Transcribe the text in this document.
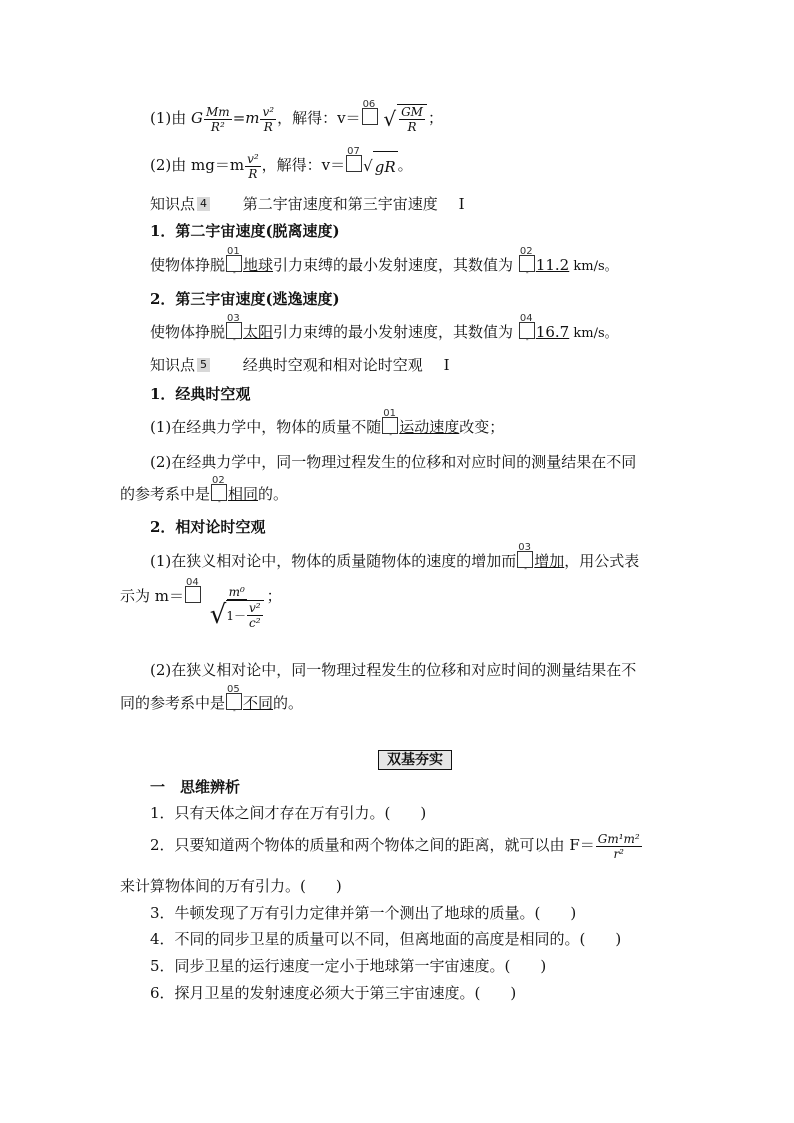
(1)由 G $\frac{Mm}{\text{R²}} =m \frac{\text{v²}}{R}$ ，解得：v＝
06

√ $\frac{GM}{R}$ ；
(2)由 $mg=m \frac{\text{v²}}{R}$ ，解得：v＝
07
√ gR 。
知识点 4 第二宇宙速度和第三宇宙速度 Ⅰ
1．第二宇宙速度(脱离速度)
使物体挣脱
01
‐ 地球引力束缚的最小发射速度，其数值为
02
‐ 11.2 km/s。
2．第三宇宙速度(逃逸速度)
使物体挣脱
03
‐ 太阳引力束缚的最小发射速度，其数值为
04
‐ 16.7 km/s。
知识点 5 经典时空观和相对论时空观 Ⅰ
1．经典时空观
(1)在经典力学中，物体的质量不随
01
‐ 运动速度改变；
(2)在经典力学中，同一物理过程发生的位移和对应时间的测量结果在不同
的参考系中是
02
‐ 相同的。
2．相对论时空观
(1)在狭义相对论中，物体的质量随物体的速度的增加而
03
‐ 增加，用公式表
示为 m＝
04

$\frac{\text{m⁰}}{√ 1- \frac{\text{v²}}{\text{c²}}}$ ；
(2)在狭义相对论中，同一物理过程发生的位移和对应时间的测量结果在不
同的参考系中是
05
‐ 不同的。
双基夯实
一　思维辨析
1．只有天体之间才存在万有引力。(　　)
2．只要知道两个物体的质量和两个物体之间的距离，就可以由 $F= \frac{\text{Gm¹m²}}{\text{r²}}$
来计算物体间的万有引力。(　　)
3．牛顿发现了万有引力定律并第一个测出了地球的质量。(　　)
4．不同的同步卫星的质量可以不同，但离地面的高度是相同的。(　　)
5．同步卫星的运行速度一定小于地球第一宇宙速度。(　　)
6．探月卫星的发射速度必须大于第三宇宙速度。(　　)
